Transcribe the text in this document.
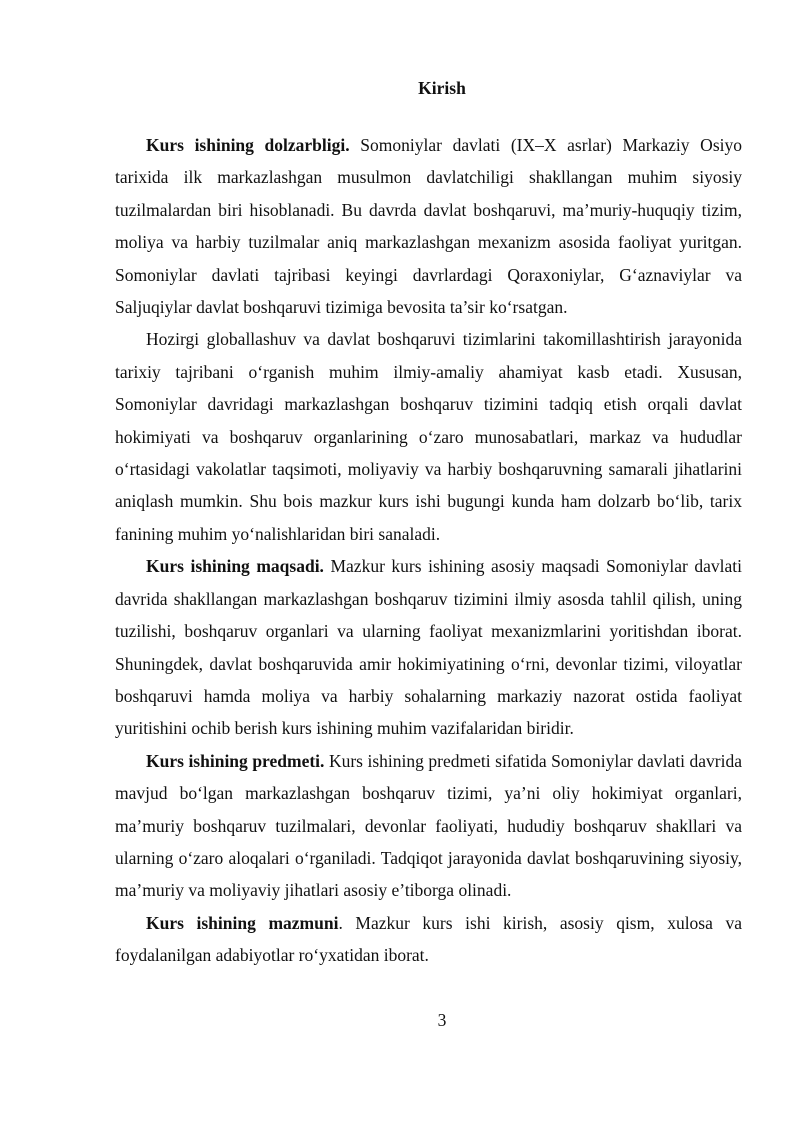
Kirish

Kurs ishining dolzarbligi. Somoniylar davlati (IX–X asrlar) Markaziy Osiyo tarixida ilk markazlashgan musulmon davlatchiligi shakllangan muhim siyosiy tuzilmalardan biri hisoblanadi. Bu davrda davlat boshqaruvi, ma’muriy-huquqiy tizim, moliya va harbiy tuzilmalar aniq markazlashgan mexanizm asosida faoliyat yuritgan. Somoniylar davlati tajribasi keyingi davrlardagi Qoraxoniylar, G‘aznaviylar va Saljuqiylar davlat boshqaruvi tizimiga bevosita ta’sir ko‘rsatgan.

Hozirgi globallashuv va davlat boshqaruvi tizimlarini takomillashtirish jarayonida tarixiy tajribani o‘rganish muhim ilmiy-amaliy ahamiyat kasb etadi. Xususan, Somoniylar davridagi markazlashgan boshqaruv tizimini tadqiq etish orqali davlat hokimiyati va boshqaruv organlarining o‘zaro munosabatlari, markaz va hududlar o‘rtasidagi vakolatlar taqsimoti, moliyaviy va harbiy boshqaruvning samarali jihatlarini aniqlash mumkin. Shu bois mazkur kurs ishi bugungi kunda ham dolzarb bo‘lib, tarix fanining muhim yo‘nalishlaridan biri sanaladi.

Kurs ishining maqsadi. Mazkur kurs ishining asosiy maqsadi Somoniylar davlati davrida shakllangan markazlashgan boshqaruv tizimini ilmiy asosda tahlil qilish, uning tuzilishi, boshqaruv organlari va ularning faoliyat mexanizmlarini yoritishdan iborat. Shuningdek, davlat boshqaruvida amir hokimiyatining o‘rni, devonlar tizimi, viloyatlar boshqaruvi hamda moliya va harbiy sohalarning markaziy nazorat ostida faoliyat yuritishini ochib berish kurs ishining muhim vazifalaridan biridir.

Kurs ishining predmeti. Kurs ishining predmeti sifatida Somoniylar davlati davrida mavjud bo‘lgan markazlashgan boshqaruv tizimi, ya’ni oliy hokimiyat organlari, ma’muriy boshqaruv tuzilmalari, devonlar faoliyati, hududiy boshqaruv shakllari va ularning o‘zaro aloqalari o‘rganiladi. Tadqiqot jarayonida davlat boshqaruvining siyosiy, ma’muriy va moliyaviy jihatlari asosiy e’tiborga olinadi.

Kurs ishining mazmuni. Mazkur kurs ishi kirish, asosiy qism, xulosa va foydalanilgan adabiyotlar ro‘yxatidan iborat.

3
